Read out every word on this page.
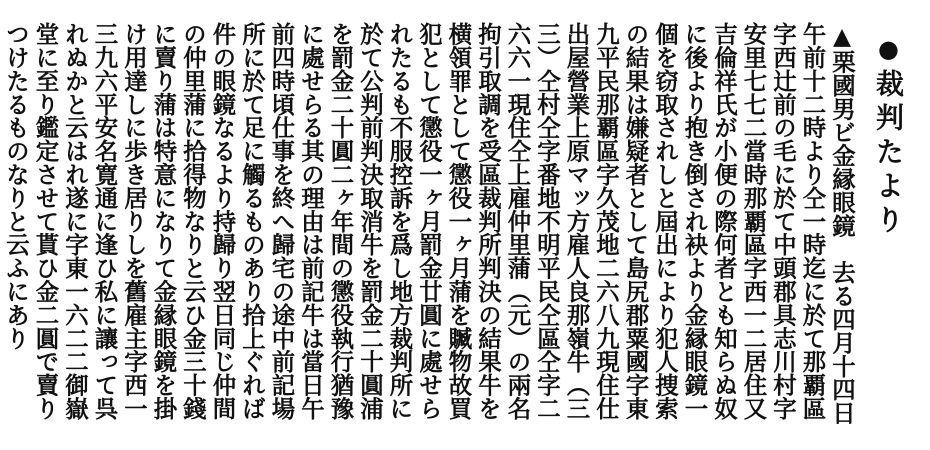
●裁判たより

▲栗國男ビ金縁眼鏡　去る四月十四日午前十二時より仝一時迄に於て那覇區字西辻前の毛に於て中頭郡具志川村字安里七七二當時那覇區字西一二居住又吉倫祥氏が小便の際何者とも知らぬ奴に後より抱き倒され袂より金縁眼鏡一個を窃取されしと屆出により犯人捜索の結果は嫌疑者として島尻郡粟國字東九平民那覇區字久茂地二六八九現住仕出屋營業上原マッ方雇人良那嶺牛（三三）仝村仝字番地不明平民仝區仝字二六六一現住仝上雇仲里蒲（元）の兩名拘引取調を受區裁判所判決の結果牛を横領罪として懲役一ヶ月蒲を贓物故買犯として懲役一ヶ月罰金廿圓に處せられたるも不服控訴を爲し地方裁判所に於て公判前判決取消牛を罰金二十圓浦を罰金二十圓二ヶ年間の懲役執行猶豫に處せらる其の理由は前記牛は當日午前四時頃仕事を終へ歸宅の途中前記場所に於て足に觸るものあり拾上ぐれば件の眼鏡なるより持歸り翌日同じ仲間の仲里蒲に拾得物なりと云ひ金三十錢に賣り蒲は特意になりて金縁眼鏡を掛け用達しに歩き居りしを舊雇主字西一三九六平安名寛通に逢ひ私に讓って呉れぬかと云はれ遂に字東一六二二御嶽堂に至り鑑定させて貰ひ金二圓で賣りつけたるものなりと云ふにあり
